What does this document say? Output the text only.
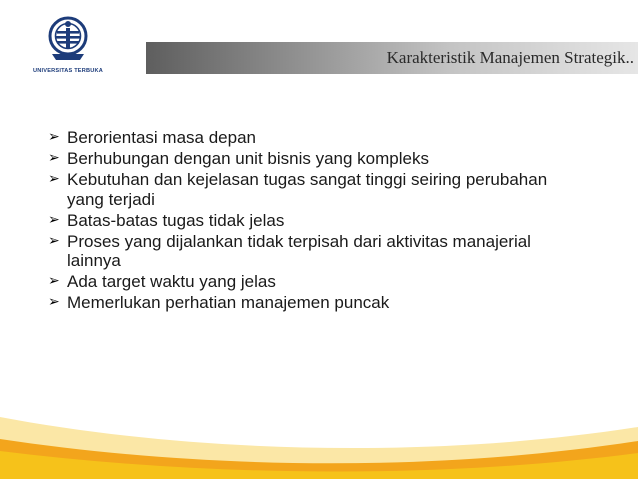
UNIVERSITAS TERBUKA
Karakteristik Manajemen Strategik..
➢ Berorientasi masa depan
➢ Berhubungan dengan unit bisnis yang kompleks
➢ Kebutuhan dan kejelasan tugas sangat tinggi seiring perubahan yang terjadi
➢ Batas-batas tugas tidak jelas
➢ Proses yang dijalankan tidak terpisah dari aktivitas manajerial lainnya
➢ Ada target waktu yang jelas
➢ Memerlukan perhatian manajemen puncak
